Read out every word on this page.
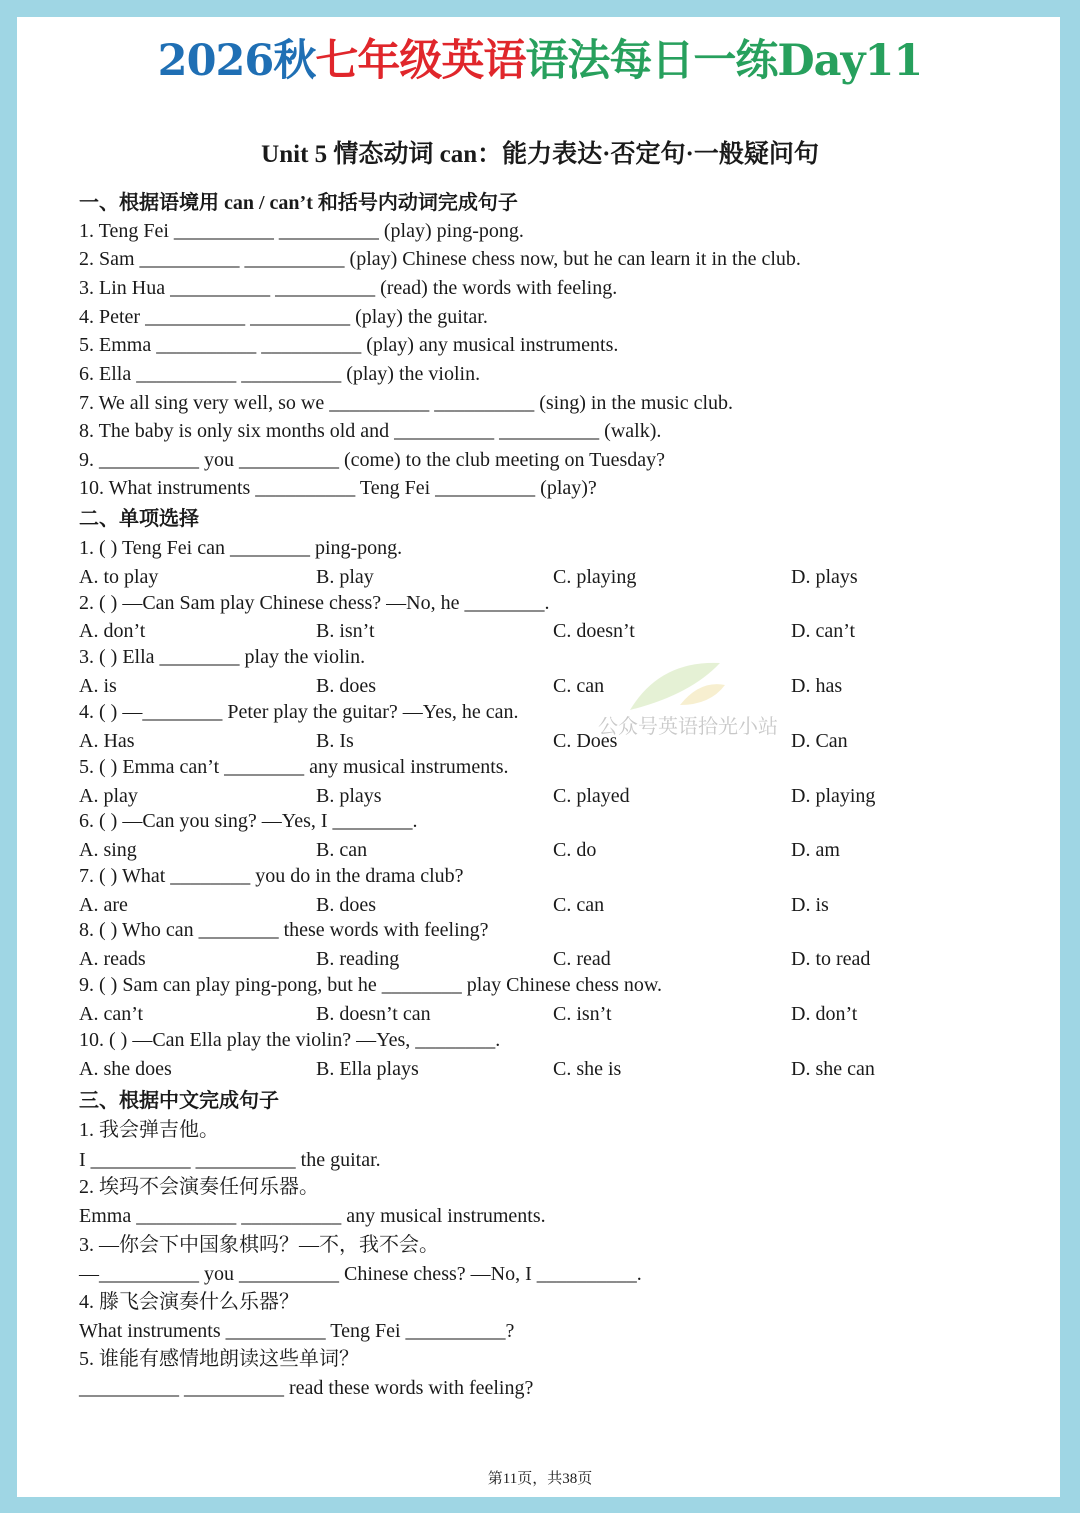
2026秋七年级英语语法每日一练Day11
Unit 5 情态动词 can：能力表达·否定句·一般疑问句
一、根据语境用 can / can’t 和括号内动词完成句子
1. Teng Fei __________ __________ (play) ping-pong.
2. Sam __________ __________ (play) Chinese chess now, but he can learn it in the club.
3. Lin Hua __________ __________ (read) the words with feeling.
4. Peter __________ __________ (play) the guitar.
5. Emma __________ __________ (play) any musical instruments.
6. Ella __________ __________ (play) the violin.
7. We all sing very well, so we __________ __________ (sing) in the music club.
8. The baby is only six months old and __________ __________ (walk).
9. __________ you __________ (come) to the club meeting on Tuesday?
10. What instruments __________ Teng Fei __________ (play)?
二、单项选择
1. ( ) Teng Fei can ________ ping-pong.
A. to play	B. play	C. playing	D. plays
2. ( ) —Can Sam play Chinese chess? —No, he ________.
A. don’t	B. isn’t	C. doesn’t	D. can’t
3. ( ) Ella ________ play the violin.
A. is	B. does	C. can	D. has
4. ( ) —________ Peter play the guitar? —Yes, he can.
A. Has	B. Is	C. Does	D. Can
5. ( ) Emma can’t ________ any musical instruments.
A. play	B. plays	C. played	D. playing
6. ( ) —Can you sing? —Yes, I ________.
A. sing	B. can	C. do	D. am
7. ( ) What ________ you do in the drama club?
A. are	B. does	C. can	D. is
8. ( ) Who can ________ these words with feeling?
A. reads	B. reading	C. read	D. to read
9. ( ) Sam can play ping-pong, but he ________ play Chinese chess now.
A. can’t	B. doesn’t can	C. isn’t	D. don’t
10. ( ) —Can Ella play the violin? —Yes, ________.
A. she does	B. Ella plays	C. she is	D. she can
三、根据中文完成句子
1. 我会弹吉他。
I __________ __________ the guitar.
2. 埃玛不会演奏任何乐器。
Emma __________ __________ any musical instruments.
3. —你会下中国象棋吗？—不，我不会。
—__________ you __________ Chinese chess? —No, I __________.
4. 滕飞会演奏什么乐器？
What instruments __________ Teng Fei __________?
5. 谁能有感情地朗读这些单词？
__________ __________ read these words with feeling?
公众号英语拾光小站
第11页，共38页
